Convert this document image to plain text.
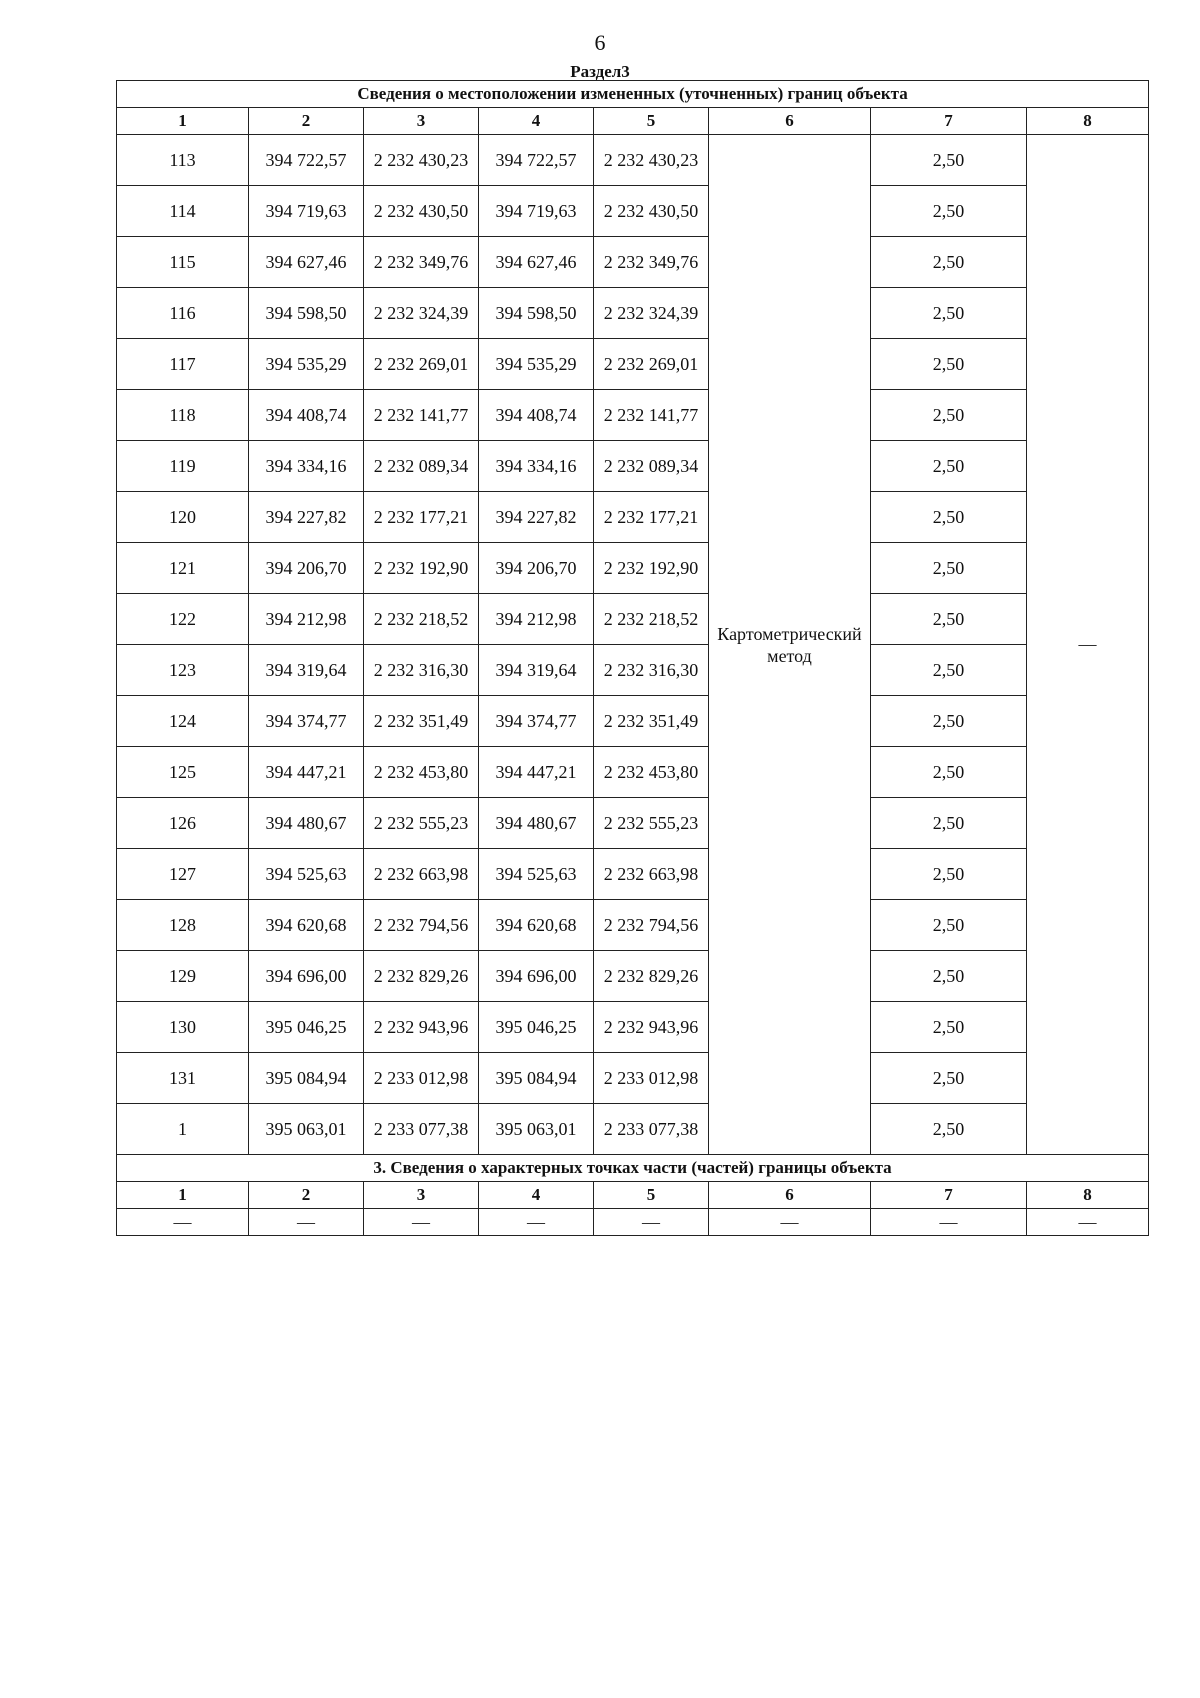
6
Раздел3
Сведения о местоположении измененных (уточненных) границ объекта							
1	2	3	4	5	6	7	8
113	394 722,57	2 232 430,23	394 722,57	2 232 430,23	Картометрический метод	2,50	—
114	394 719,63	2 232 430,50	394 719,63	2 232 430,50		2,50	
115	394 627,46	2 232 349,76	394 627,46	2 232 349,76		2,50	
116	394 598,50	2 232 324,39	394 598,50	2 232 324,39		2,50	
117	394 535,29	2 232 269,01	394 535,29	2 232 269,01		2,50	
118	394 408,74	2 232 141,77	394 408,74	2 232 141,77		2,50	
119	394 334,16	2 232 089,34	394 334,16	2 232 089,34		2,50	
120	394 227,82	2 232 177,21	394 227,82	2 232 177,21		2,50	
121	394 206,70	2 232 192,90	394 206,70	2 232 192,90		2,50	
122	394 212,98	2 232 218,52	394 212,98	2 232 218,52		2,50	
123	394 319,64	2 232 316,30	394 319,64	2 232 316,30		2,50	
124	394 374,77	2 232 351,49	394 374,77	2 232 351,49		2,50	
125	394 447,21	2 232 453,80	394 447,21	2 232 453,80		2,50	
126	394 480,67	2 232 555,23	394 480,67	2 232 555,23		2,50	
127	394 525,63	2 232 663,98	394 525,63	2 232 663,98		2,50	
128	394 620,68	2 232 794,56	394 620,68	2 232 794,56		2,50	
129	394 696,00	2 232 829,26	394 696,00	2 232 829,26		2,50	
130	395 046,25	2 232 943,96	395 046,25	2 232 943,96		2,50	
131	395 084,94	2 233 012,98	395 084,94	2 233 012,98		2,50	
1	395 063,01	2 233 077,38	395 063,01	2 233 077,38		2,50	
3. Сведения о характерных точках части (частей) границы объекта							
1	2	3	4	5	6	7	8
—	—	—	—	—	—	—	—
